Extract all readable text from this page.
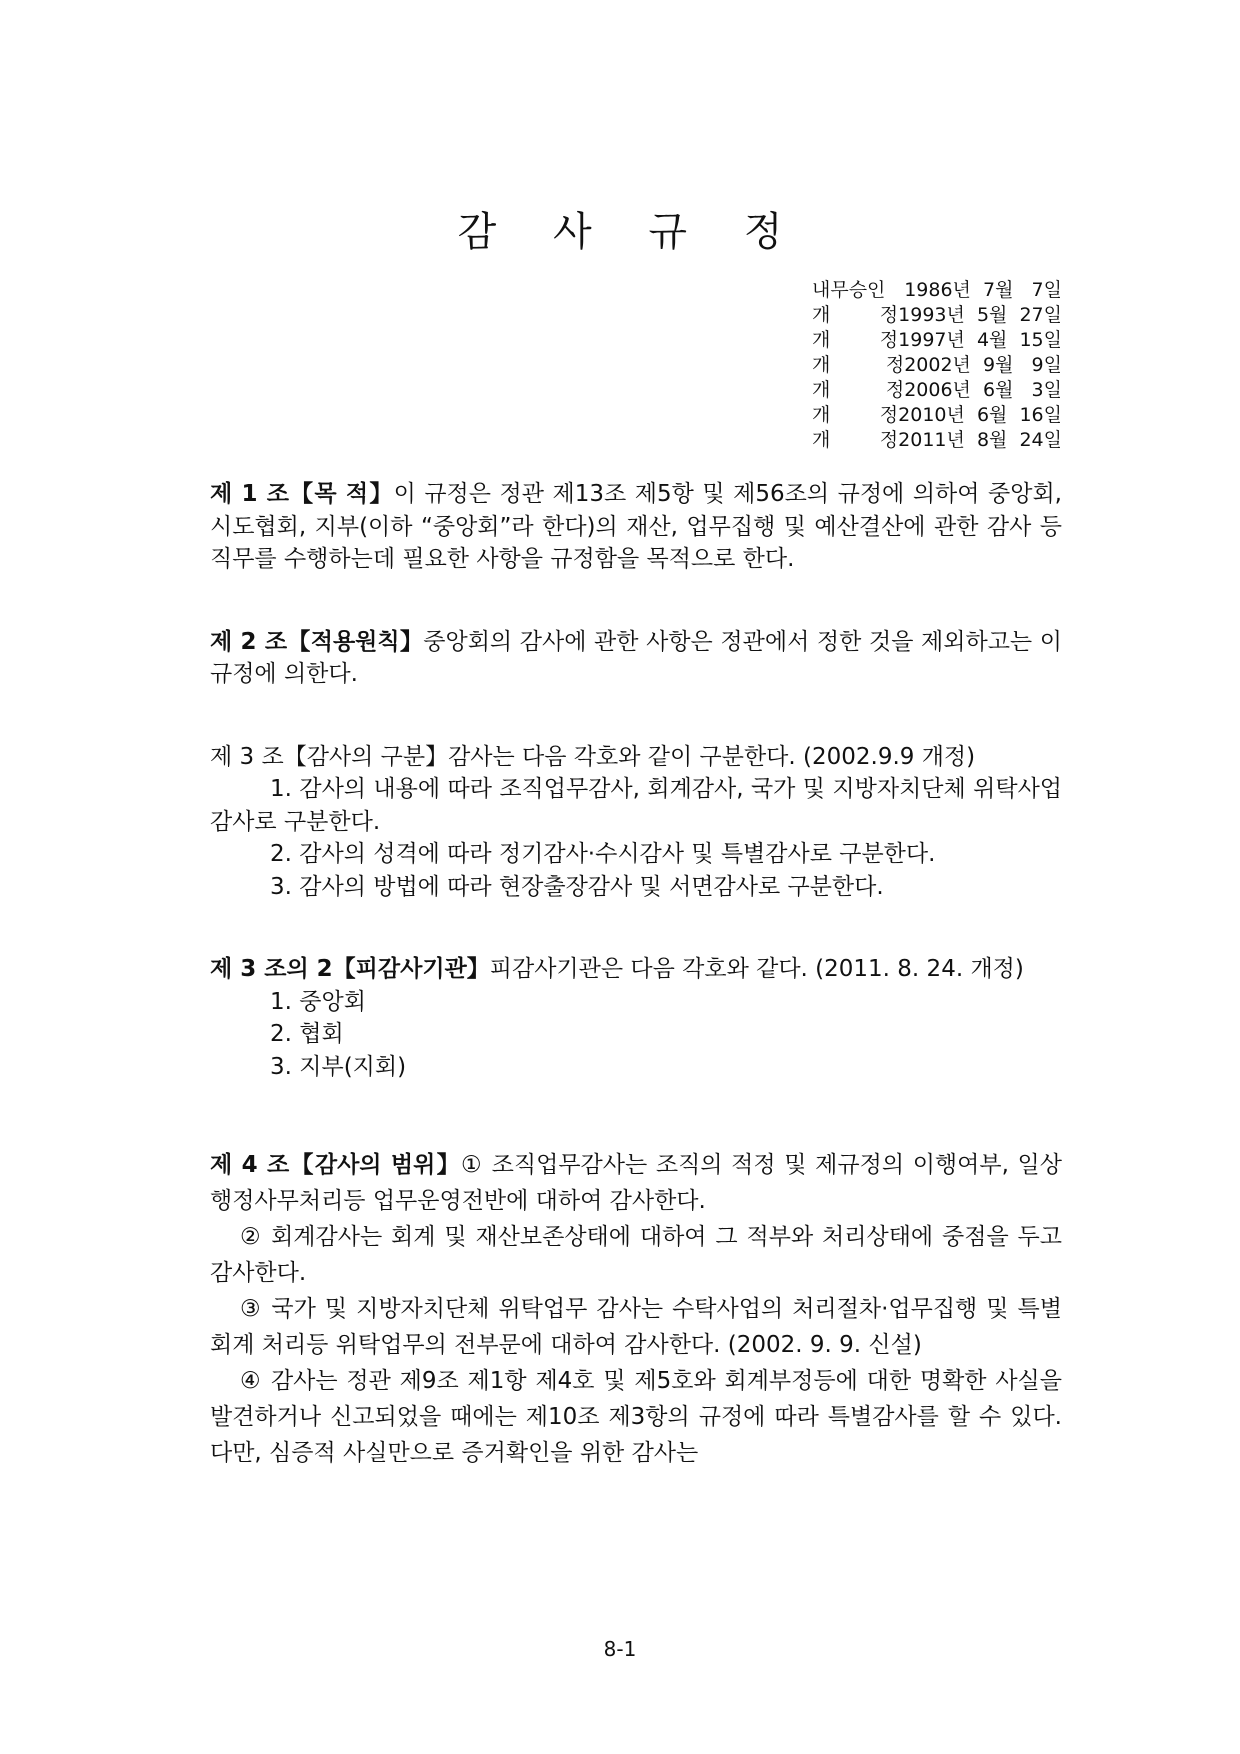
감 사 규 정
내무승인 1986년  7월   7일
개	정 1993년  5월  27일
개	정 1997년  4월  15일
개	정 2002년  9월   9일
개	정 2006년  6월   3일
개	정 2010년  6월  16일
개	정 2011년  8월  24일

제 1 조【목 적】이 규정은 정관 제13조 제5항 및 제56조의 규정에 의하여 중앙회, 시도협회, 지부(이하 “중앙회”라 한다)의 재산, 업무집행 및 예산결산에 관한 감사 등 직무를 수행하는데 필요한 사항을 규정함을 목적으로 한다.

제 2 조【적용원칙】중앙회의 감사에 관한 사항은 정관에서 정한 것을 제외하고는 이 규정에 의한다.

제 3 조【감사의 구분】감사는 다음 각호와 같이 구분한다. (2002.9.9 개정)

1. 감사의 내용에 따라 조직업무감사, 회계감사, 국가 및 지방자치단체 위탁사업 감사로 구분한다.

2. 감사의 성격에 따라 정기감사·수시감사 및 특별감사로 구분한다.

3. 감사의 방법에 따라 현장출장감사 및 서면감사로 구분한다.

제 3 조의 2【피감사기관】피감사기관은 다음 각호와 같다. (2011. 8. 24. 개정)

1. 중앙회

2. 협회

3. 지부(지회)

제 4 조【감사의 범위】① 조직업무감사는 조직의 적정 및 제규정의 이행여부, 일상 행정사무처리등 업무운영전반에 대하여 감사한다.

② 회계감사는 회계 및 재산보존상태에 대하여 그 적부와 처리상태에 중점을 두고 감사한다.

③ 국가 및 지방자치단체 위탁업무 감사는 수탁사업의 처리절차·업무집행 및 특별회계 처리등 위탁업무의 전부문에 대하여 감사한다. (2002. 9. 9. 신설)

④ 감사는 정관 제9조 제1항 제4호 및 제5호와 회계부정등에 대한 명확한 사실을 발견하거나 신고되었을 때에는 제10조 제3항의 규정에 따라 특별감사를 할 수 있다. 다만, 심증적 사실만으로 증거확인을 위한 감사는

8-1
